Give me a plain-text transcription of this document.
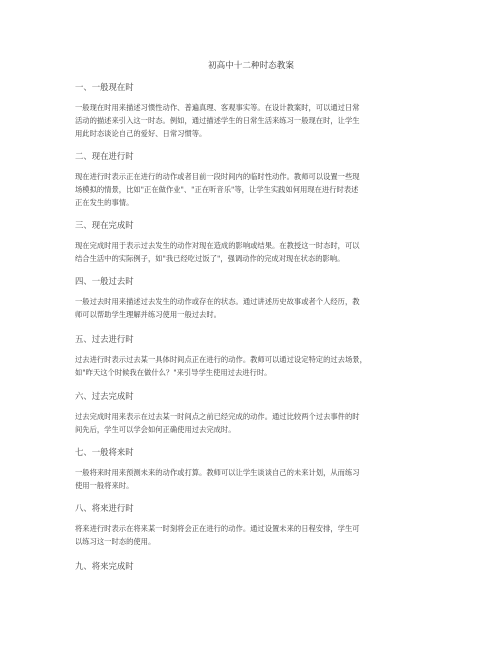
初高中十二种时态教案
一、一般现在时

一般现在时用来描述习惯性动作、普遍真理、客观事实等。在设计教案时，可以通过日常
活动的描述来引入这一时态。例如，通过描述学生的日常生活来练习一般现在时，让学生
用此时态谈论自己的爱好、日常习惯等。

二、现在进行时

现在进行时表示正在进行的动作或者目前一段时间内的临时性动作。教师可以设置一些现
场模拟的情景，比如"正在做作业"、"正在听音乐"等，让学生实践如何用现在进行时表述
正在发生的事情。

三、现在完成时

现在完成时用于表示过去发生的动作对现在造成的影响或结果。在教授这一时态时，可以
结合生活中的实际例子，如"我已经吃过饭了"，强调动作的完成对现在状态的影响。

四、一般过去时

一般过去时用来描述过去发生的动作或存在的状态。通过讲述历史故事或者个人经历，教
师可以帮助学生理解并练习使用一般过去时。

五、过去进行时

过去进行时表示过去某一具体时间点正在进行的动作。教师可以通过设定特定的过去场景，
如"昨天这个时候我在做什么？"来引导学生使用过去进行时。

六、过去完成时

过去完成时用来表示在过去某一时间点之前已经完成的动作。通过比较两个过去事件的时
间先后，学生可以学会如何正确使用过去完成时。

七、一般将来时

一般将来时用来预测未来的动作或打算。教师可以让学生谈谈自己的未来计划，从而练习
使用一般将来时。

八、将来进行时

将来进行时表示在将来某一时刻将会正在进行的动作。通过设置未来的日程安排，学生可
以练习这一时态的使用。

九、将来完成时
